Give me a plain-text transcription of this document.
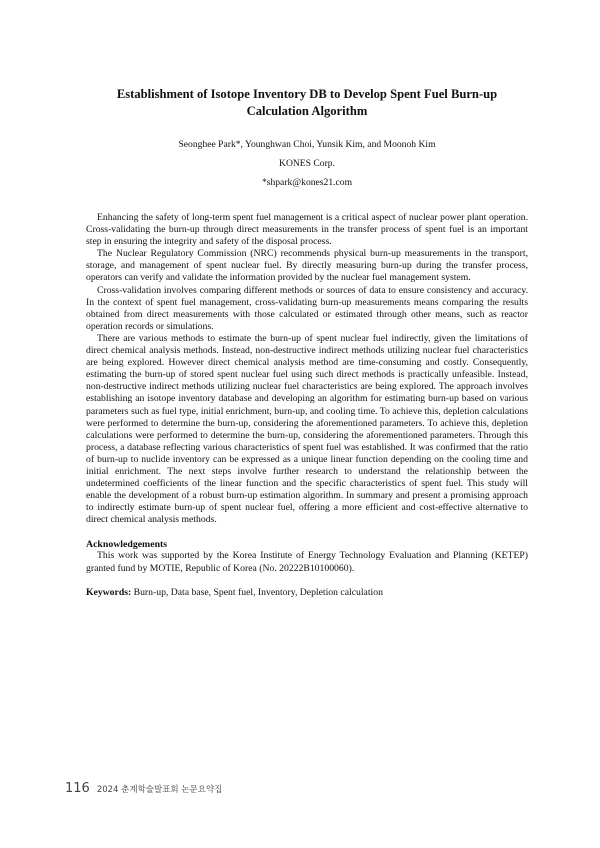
Establishment of Isotope Inventory DB to Develop Spent Fuel Burn-up Calculation Algorithm
Seonghee Park*, Younghwan Choi, Yunsik Kim, and Moonoh Kim
KONES Corp.
*shpark@kones21.com

Enhancing the safety of long-term spent fuel management is a critical aspect of nuclear power plant operation. Cross-validating the burn-up through direct measurements in the transfer process of spent fuel is an important step in ensuring the integrity and safety of the disposal process.

The Nuclear Regulatory Commission (NRC) recommends physical burn-up measurements in the transport, storage, and management of spent nuclear fuel. By directly measuring burn-up during the transfer process, operators can verify and validate the information provided by the nuclear fuel management system.

Cross-validation involves comparing different methods or sources of data to ensure consistency and accuracy. In the context of spent fuel management, cross-validating burn-up measurements means comparing the results obtained from direct measurements with those calculated or estimated through other means, such as reactor operation records or simulations.

There are various methods to estimate the burn-up of spent nuclear fuel indirectly, given the limitations of direct chemical analysis methods. Instead, non-destructive indirect methods utilizing nuclear fuel characteristics are being explored. However direct chemical analysis method are time-consuming and costly. Consequently, estimating the burn-up of stored spent nuclear fuel using such direct methods is practically unfeasible. Instead, non-destructive indirect methods utilizing nuclear fuel characteristics are being explored. The approach involves establishing an isotope inventory database and developing an algorithm for estimating burn-up based on various parameters such as fuel type, initial enrichment, burn-up, and cooling time. To achieve this, depletion calculations were performed to determine the burn-up, considering the aforementioned parameters. To achieve this, depletion calculations were performed to determine the burn-up, considering the aforementioned parameters. Through this process, a database reflecting various characteristics of spent fuel was established. It was confirmed that the ratio of burn-up to nuclide inventory can be expressed as a unique linear function depending on the cooling time and initial enrichment. The next steps involve further research to understand the relationship between the undetermined coefficients of the linear function and the specific characteristics of spent fuel. This study will enable the development of a robust burn-up estimation algorithm. In summary and present a promising approach to indirectly estimate burn-up of spent nuclear fuel, offering a more efficient and cost-effective alternative to direct chemical analysis methods.

Acknowledgements

This work was supported by the Korea Institute of Energy Technology Evaluation and Planning (KETEP) granted fund by MOTIE, Republic of Korea (No. 20222B10100060).

Keywords: Burn-up, Data base, Spent fuel, Inventory, Depletion calculation
116 2024 춘계학술발표회 논문요약집
